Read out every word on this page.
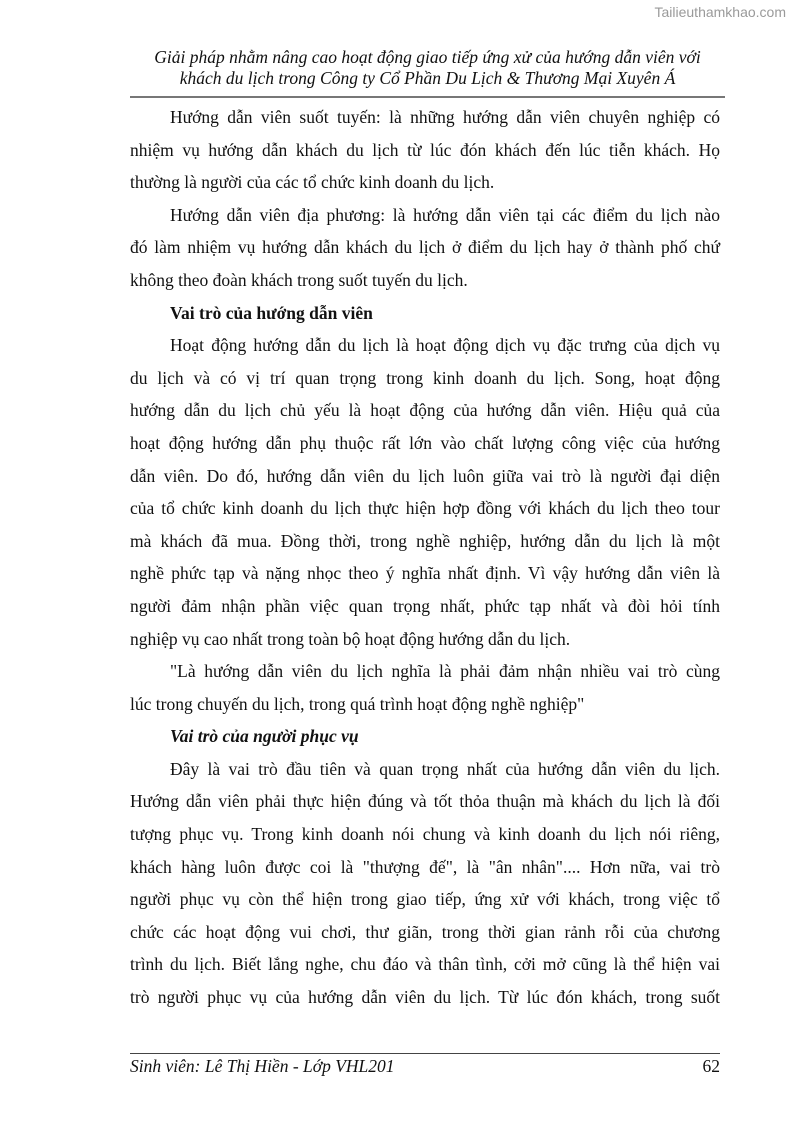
Tailieuthamkhao.com
Giải pháp nhằm nâng cao hoạt động giao tiếp ứng xử của hướng dẫn viên với
khách du lịch trong Công ty Cổ Phần Du Lịch & Thương Mại Xuyên Á
Hướng dẫn viên suốt tuyến: là những hướng dẫn viên chuyên nghiệp có
nhiệm vụ hướng dẫn khách du lịch từ lúc đón khách đến lúc tiễn khách. Họ
thường là người của các tổ chức kinh doanh du lịch.
Hướng dẫn viên địa phương: là hướng dẫn viên tại các điểm du lịch nào
đó làm nhiệm vụ hướng dẫn khách du lịch ở điểm du lịch hay ở thành phố chứ
không theo đoàn khách trong suốt tuyến du lịch.
Vai trò của hướng dẫn viên
Hoạt động hướng dẫn du lịch là hoạt động dịch vụ đặc trưng của dịch vụ
du lịch và có vị trí quan trọng trong kinh doanh du lịch. Song, hoạt động
hướng dẫn du lịch chủ yếu là hoạt động của hướng dẫn viên. Hiệu quả của
hoạt động hướng dẫn phụ thuộc rất lớn vào chất lượng công việc của hướng
dẫn viên. Do đó, hướng dẫn viên du lịch luôn giữa vai trò là người đại diện
của tổ chức kinh doanh du lịch thực hiện hợp đồng với khách du lịch theo tour
mà khách đã mua. Đồng thời, trong nghề nghiệp, hướng dẫn du lịch là một
nghề phức tạp và nặng nhọc theo ý nghĩa nhất định. Vì vậy hướng dẫn viên là
người đảm nhận phần việc quan trọng nhất, phức tạp nhất và đòi hỏi tính
nghiệp vụ cao nhất trong toàn bộ hoạt động hướng dẫn du lịch.
"Là hướng dẫn viên du lịch nghĩa là phải đảm nhận nhiều vai trò cùng
lúc trong chuyến du lịch, trong quá trình hoạt động nghề nghiệp"
Vai trò của người phục vụ
Đây là vai trò đầu tiên và quan trọng nhất của hướng dẫn viên du lịch.
Hướng dẫn viên phải thực hiện đúng và tốt thỏa thuận mà khách du lịch là đối
tượng phục vụ. Trong kinh doanh nói chung và kinh doanh du lịch nói riêng,
khách hàng luôn được coi là "thượng đế", là "ân nhân".... Hơn nữa, vai trò
người phục vụ còn thể hiện trong giao tiếp, ứng xử với khách, trong việc tổ
chức các hoạt động vui chơi, thư giãn, trong thời gian rảnh rỗi của chương
trình du lịch. Biết lắng nghe, chu đáo và thân tình, cởi mở cũng là thể hiện vai
trò người phục vụ của hướng dẫn viên du lịch. Từ lúc đón khách, trong suốt
Sinh viên: Lê Thị Hiền - Lớp VHL201	62
